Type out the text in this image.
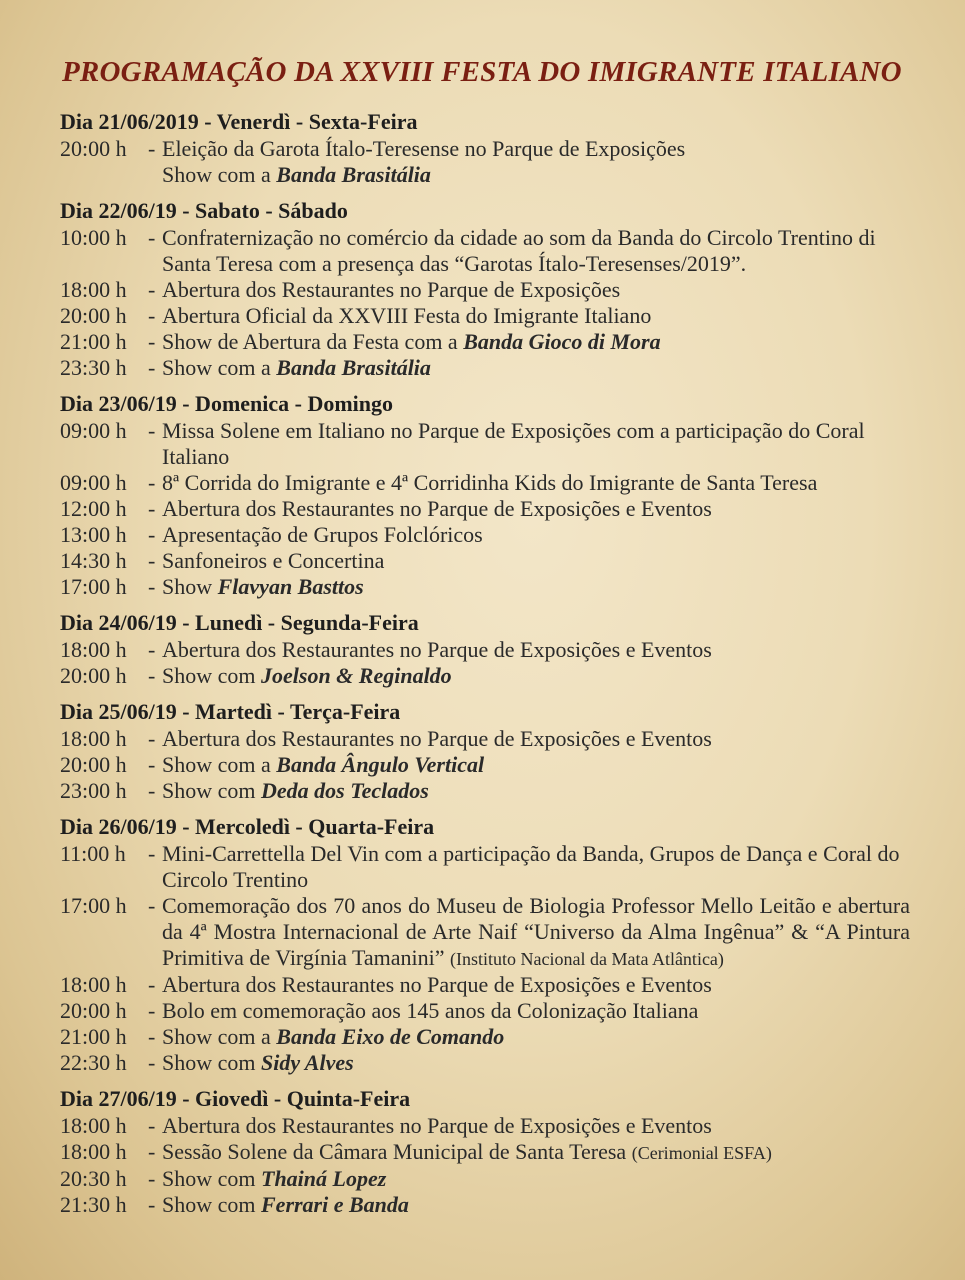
PROGRAMAÇÃO DA XXVIII FESTA DO IMIGRANTE ITALIANO
Dia 21/06/2019 - Venerdì - Sexta-Feira
20:00 h - Eleição da Garota Ítalo-Teresense no Parque de Exposições
Show com a Banda Brasitália
Dia 22/06/19 - Sabato - Sábado
10:00 h - Confraternização no comércio da cidade ao som da Banda do Circolo Trentino di Santa Teresa com a presença das “Garotas Ítalo-Teresenses/2019”.
18:00 h - Abertura dos Restaurantes no Parque de Exposições
20:00 h - Abertura Oficial da XXVIII Festa do Imigrante Italiano
21:00 h - Show de Abertura da Festa com a Banda Gioco di Mora
23:30 h - Show com a Banda Brasitália
Dia 23/06/19 - Domenica - Domingo
09:00 h - Missa Solene em Italiano no Parque de Exposições com a participação do Coral Italiano
09:00 h - 8ª Corrida do Imigrante e 4ª Corridinha Kids do Imigrante de Santa Teresa
12:00 h - Abertura dos Restaurantes no Parque de Exposições e Eventos
13:00 h - Apresentação de Grupos Folclóricos
14:30 h - Sanfoneiros e Concertina
17:00 h - Show Flavyan Basttos
Dia 24/06/19 - Lunedì - Segunda-Feira
18:00 h - Abertura dos Restaurantes no Parque de Exposições e Eventos
20:00 h - Show com Joelson & Reginaldo
Dia 25/06/19 - Martedì - Terça-Feira
18:00 h - Abertura dos Restaurantes no Parque de Exposições e Eventos
20:00 h - Show com a Banda Ângulo Vertical
23:00 h - Show com Deda dos Teclados
Dia 26/06/19 - Mercoledì - Quarta-Feira
11:00 h	- Mini-Carrettella Del Vin com a participação da Banda, Grupos de Dança e Coral do Circolo Trentino
17:00 h - Comemoração dos 70 anos do Museu de Biologia Professor Mello Leitão e abertura da 4ª Mostra Internacional de Arte Naif “Universo da Alma Ingênua” & “A Pintura Primitiva de Virgínia Tamanini” (Instituto Nacional da Mata Atlântica)
18:00 h - Abertura dos Restaurantes no Parque de Exposições e Eventos
20:00 h - Bolo em comemoração aos 145 anos da Colonização Italiana
21:00 h - Show com a Banda Eixo de Comando
22:30 h - Show com Sidy Alves
Dia 27/06/19 - Giovedì - Quinta-Feira
18:00 h - Abertura dos Restaurantes no Parque de Exposições e Eventos
18:00 h - Sessão Solene da Câmara Municipal de Santa Teresa (Cerimonial ESFA)
20:30 h - Show com Thainá Lopez
21:30 h - Show com Ferrari e Banda
